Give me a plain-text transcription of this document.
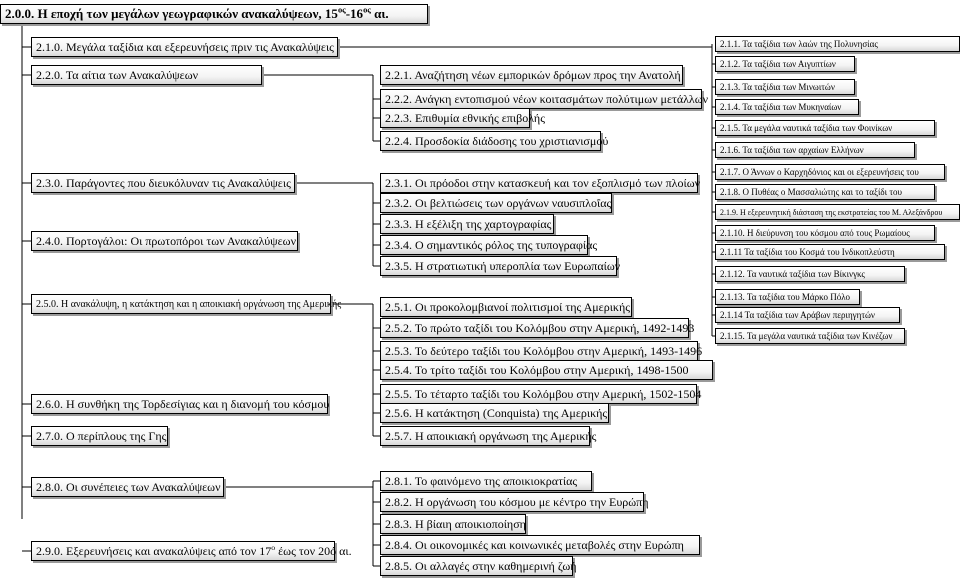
2.0.0. Η εποχή των μεγάλων γεωγραφικών ανακαλύψεων, $15^{o\varsigma}-16^{o\varsigma}$ αι.
2.1.0. Μεγάλα ταξίδια και εξερευνήσεις πριν τις Ανακαλύψεις
2.2.0. Τα αίτια των Ανακαλύψεων
2.3.0. Παράγοντες που διευκόλυναν τις Ανακαλύψεις
2.4.0. Πορτογάλοι: Οι πρωτοπόροι των Ανακαλύψεων
2.5.0. Η ανακάλυψη, η κατάκτηση και η αποικιακή οργάνωση της Αμερικής
2.6.0. Η συνθήκη της Τορδεσίγιας και η διανομή του κόσμου
2.7.0. Ο περίπλους της Γης
2.8.0. Οι συνέπειες των Ανακαλύψεων
2.9.0. Εξερευνήσεις και ανακαλύψεις από τον $17^o$ έως τον 20ό αι.
2.2.1. Αναζήτηση νέων εμπορικών δρόμων προς την Ανατολή
2.2.2. Ανάγκη εντοπισμού νέων κοιτασμάτων πολύτιμων μετάλλων
2.2.3. Επιθυμία εθνικής επιβολής
2.2.4. Προσδοκία διάδοσης του χριστιανισμού
2.3.1. Οι πρόοδοι στην κατασκευή και τον εξοπλισμό των πλοίων
2.3.2. Οι βελτιώσεις των οργάνων ναυσιπλοΐας
2.3.3. Η εξέλιξη της χαρτογραφίας
2.3.4. Ο σημαντικός ρόλος της τυπογραφίας
2.3.5. Η στρατιωτική υπεροπλία των Ευρωπαίων
2.5.1. Οι προκολομβιανοί πολιτισμοί της Αμερικής
2.5.2. Το πρώτο ταξίδι του Κολόμβου στην Αμερική, 1492-1493
2.5.3. Το δεύτερο ταξίδι του Κολόμβου στην Αμερική, 1493-1496
2.5.4. Το τρίτο ταξίδι του Κολόμβου στην Αμερική, 1498-1500
2.5.5. Το τέταρτο ταξίδι του Κολόμβου στην Αμερική, 1502-1504
2.5.6. Η κατάκτηση (Conquista) της Αμερικής
2.5.7. Η αποικιακή οργάνωση της Αμερικής
2.8.1. Το φαινόμενο της αποικιοκρατίας
2.8.2. Η οργάνωση του κόσμου με κέντρο την Ευρώπη
2.8.3. Η βίαιη αποικιοποίηση
2.8.4. Οι οικονομικές και κοινωνικές μεταβολές στην Ευρώπη
2.8.5. Οι αλλαγές στην καθημερινή ζωή
2.1.1. Τα ταξίδια των λαών της Πολυνησίας
2.1.2. Τα ταξίδια των Αιγυπτίων
2.1.3. Τα ταξίδια των Μινωιτών
2.1.4. Τα ταξίδια των Μυκηναίων
2.1.5. Τα μεγάλα ναυτικά ταξίδια των Φοινίκων
2.1.6. Τα ταξίδια των αρχαίων Ελλήνων
2.1.7. Ο Άννων ο Καρχηδόνιος και οι εξερευνήσεις του
2.1.8. Ο Πυθέας ο Μασσαλιώτης και το ταξίδι του
2.1.9. Η εξερευνητική διάσταση της εκστρατείας του Μ. Αλεξάνδρου
2.1.10. Η διεύρυνση του κόσμου από τους Ρωμαίους
2.1.11 Τα ταξίδια του Κοσμά του Ινδικοπλεύστη
2.1.12. Τα ναυτικά ταξίδια των Βίκινγκς
2.1.13. Τα ταξίδια του Μάρκο Πόλο
2.1.14 Τα ταξίδια των Αράβων περιηγητών
2.1.15. Τα μεγάλα ναυτικά ταξίδια των Κινέζων
